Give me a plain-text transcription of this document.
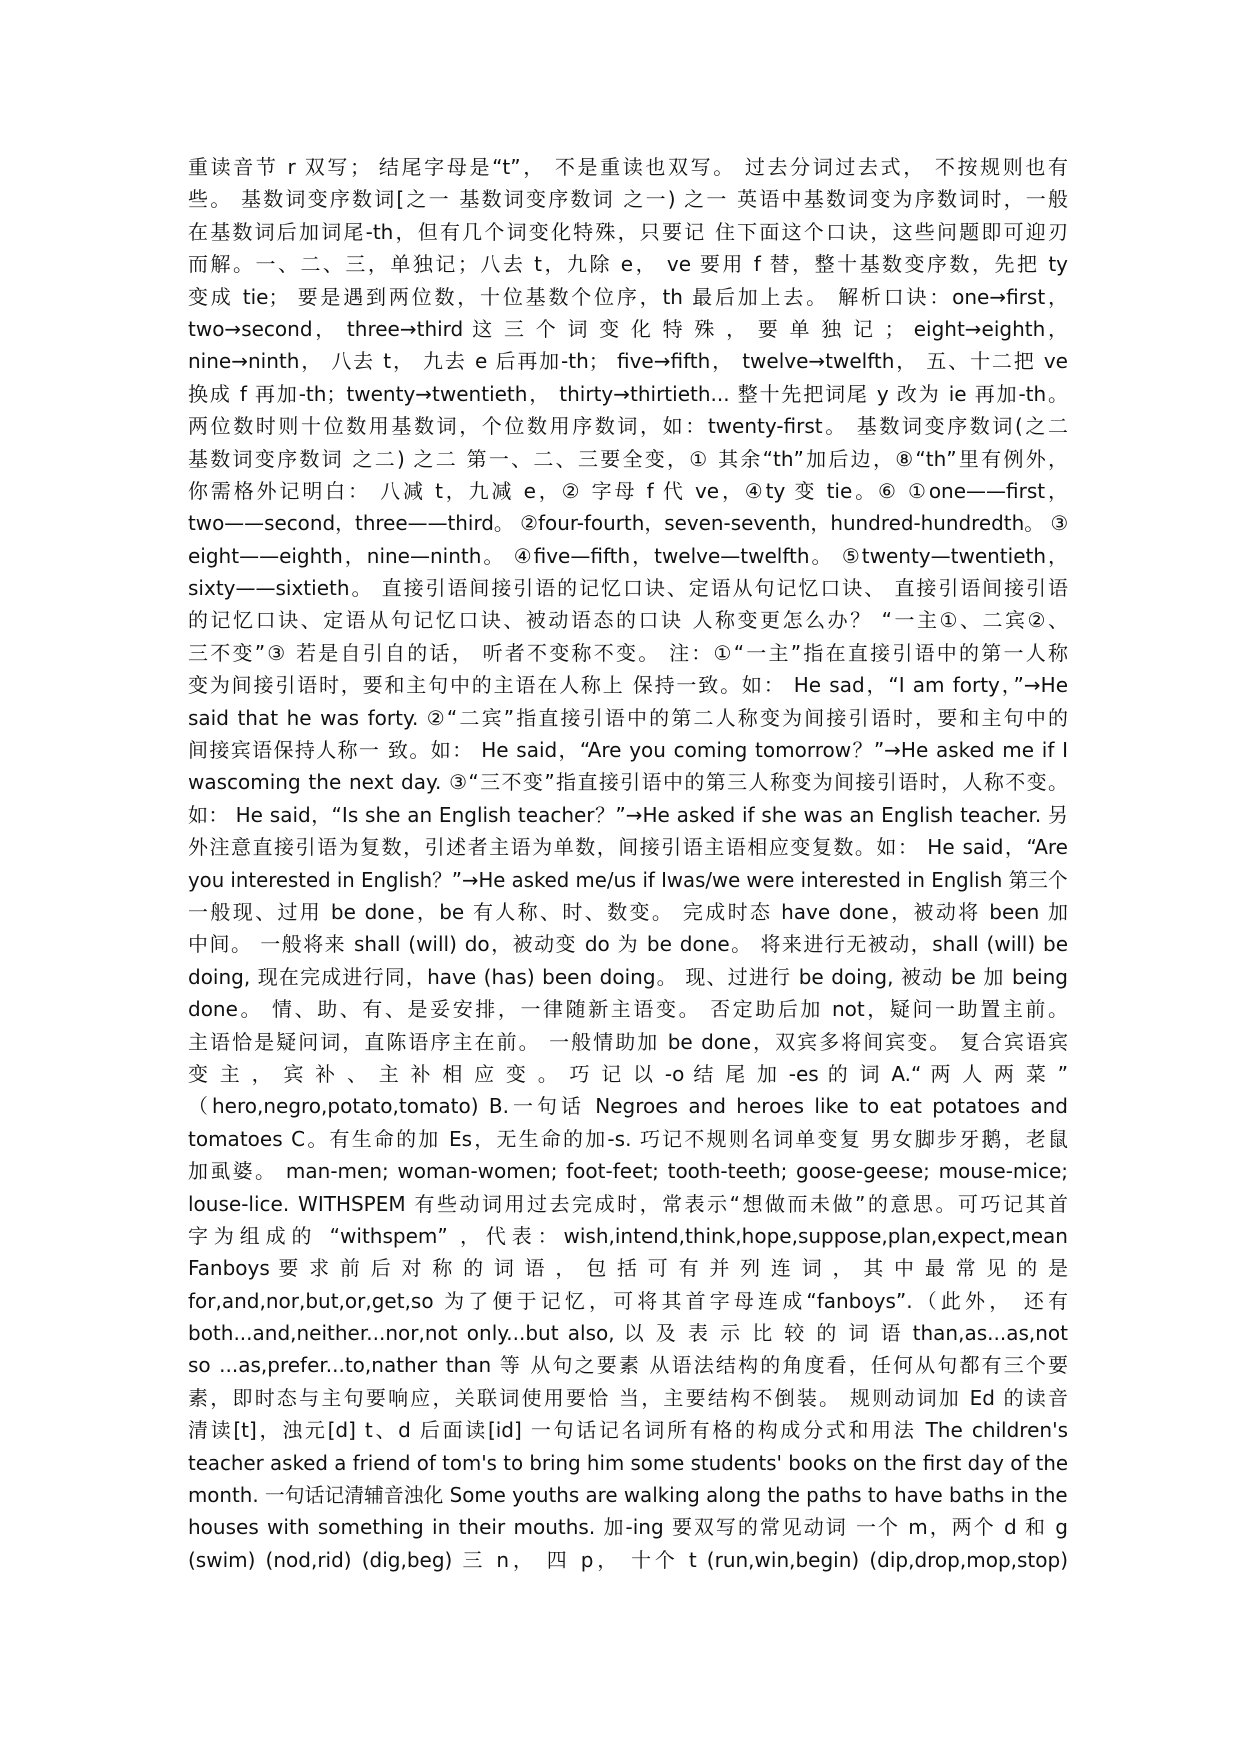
重读音节 r 双写； 结尾字母是“t”， 不是重读也双写。 过去分词过去式， 不按规则也有
些。 基数词变序数词[之一 基数词变序数词 之一) 之一 英语中基数词变为序数词时，一般
在基数词后加词尾-th，但有几个词变化特殊，只要记 住下面这个口诀，这些问题即可迎刃
而解。一、二、三，单独记；八去 t，九除 e， ve 要用 f 替，整十基数变序数，先把 ty
变成 tie； 要是遇到两位数，十位基数个位序，th 最后加上去。 解析口诀：one→first，
two→second， three→third 这 三 个 词 变 化 特 殊 ， 要 单 独 记 ； eight→eighth，
nine→ninth， 八去 t， 九去 e 后再加-th； five→fifth， twelve→twelfth， 五、十二把 ve
换成 f 再加-th；twenty→twentieth， thirty→thirtieth... 整十先把词尾 y 改为 ie 再加-th。
两位数时则十位数用基数词，个位数用序数词，如：twenty-first。 基数词变序数词(之二
基数词变序数词 之二) 之二 第一、二、三要全变，① 其余“th”加后边，⑧“th”里有例外，
你需格外记明白： 八减 t，九减 e，② 字母 f 代 ve，④ty 变 tie。⑥ ①one——first，
two——second，three——third。 ②four-fourth，seven-seventh，hundred-hundredth。 ③
eight——eighth，nine—ninth。 ④five—fifth，twelve—twelfth。 ⑤twenty—twentieth，
sixty——sixtieth。 直接引语间接引语的记忆口诀、定语从句记忆口诀、 直接引语间接引语
的记忆口诀、定语从句记忆口诀、被动语态的口诀 人称变更怎么办？ “一主①、二宾②、
三不变”③ 若是自引自的话， 听者不变称不变。 注：①“一主”指在直接引语中的第一人称
变为间接引语时，要和主句中的主语在人称上 保持一致。如： He sad，“I am forty，”→He
said that he was forty. ②“二宾”指直接引语中的第二人称变为间接引语时，要和主句中的
间接宾语保持人称一 致。如： He said，“Are you coming tomorrow？”→He asked me if I
wascoming the next day. ③“三不变”指直接引语中的第三人称变为间接引语时，人称不变。
如： He said，“Is she an English teacher？”→He asked if she was an English teacher. 另
外注意直接引语为复数，引述者主语为单数，间接引语主语相应变复数。如： He said，“Are
you interested in English？”→He asked me/us if Iwas/we were interested in English 第三个
一般现、过用 be done，be 有人称、时、数变。 完成时态 have done，被动将 been 加
中间。 一般将来 shall (will) do，被动变 do 为 be done。 将来进行无被动，shall (will) be
doing, 现在完成进行同，have (has) been doing。 现、过进行 be doing, 被动 be 加 being
done。 情、助、有、是妥安排，一律随新主语变。 否定助后加 not，疑问一助置主前。
主语恰是疑问词，直陈语序主在前。 一般情助加 be done，双宾多将间宾变。 复合宾语宾
变 主 ， 宾 补 、 主 补 相 应 变 。 巧 记 以 -o 结 尾 加 -es 的 词 A.“ 两 人 两 菜 ”
（hero,negro,potato,tomato) B.一句话 Negroes and heroes like to eat potatoes and
tomatoes C。有生命的加 Es，无生命的加-s. 巧记不规则名词单变复 男女脚步牙鹅，老鼠
加虱婆。 man-men; woman-women; foot-feet; tooth-teeth; goose-geese; mouse-mice;
louse-lice. WITHSPEM 有些动词用过去完成时，常表示“想做而未做”的意思。可巧记其首
字为组成的 “withspem” ，代表：wish,intend,think,hope,suppose,plan,expect,mean
Fanboys 要 求 前 后 对 称 的 词 语 ， 包 括 可 有 并 列 连 词 ， 其 中 最 常 见 的 是
for,and,nor,but,or,get,so 为了便于记忆，可将其首字母连成“fanboys”.（此外， 还有
both...and,neither...nor,not only...but also, 以 及 表 示 比 较 的 词 语 than,as...as,not
so ...as,prefer...to,nather than 等 从句之要素 从语法结构的角度看，任何从句都有三个要
素，即时态与主句要响应，关联词使用要恰 当，主要结构不倒装。 规则动词加 Ed 的读音
清读[t]，浊元[d] t、d 后面读[id] 一句话记名词所有格的构成分式和用法 The children's
teacher asked a friend of tom's to bring him some students' books on the first day of the
month. 一句话记清辅音浊化 Some youths are walking along the paths to have baths in the
houses with something in their mouths. 加-ing 要双写的常见动词 一个 m，两个 d 和 g
(swim) (nod,rid) (dig,beg) 三 n， 四 p， 十个 t (run,win,begin) (dip,drop,mop,stop)
